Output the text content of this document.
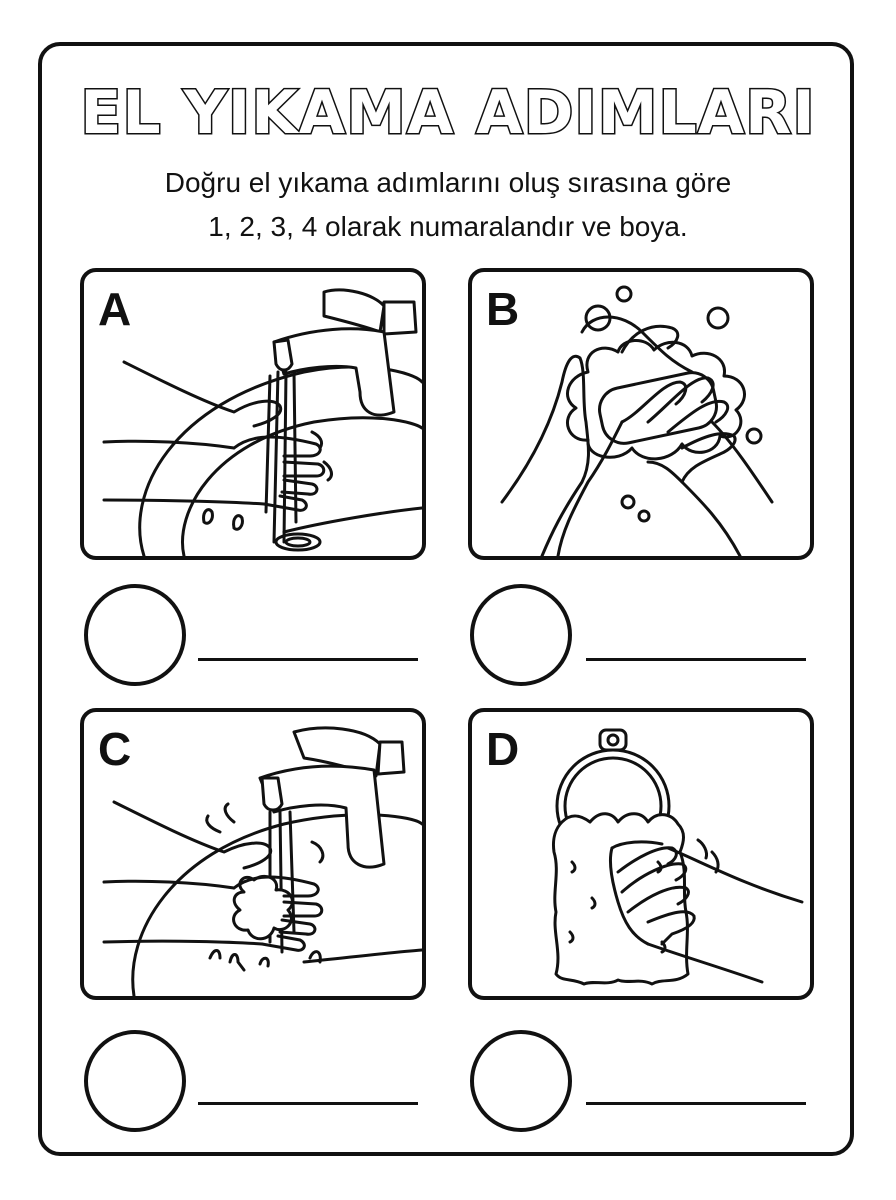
EL YIKAMA ADIMLARI
Doğru el yıkama adımlarını oluş sırasına göre
1, 2, 3, 4 olarak numaralandır ve boya.
A	B
C	D
